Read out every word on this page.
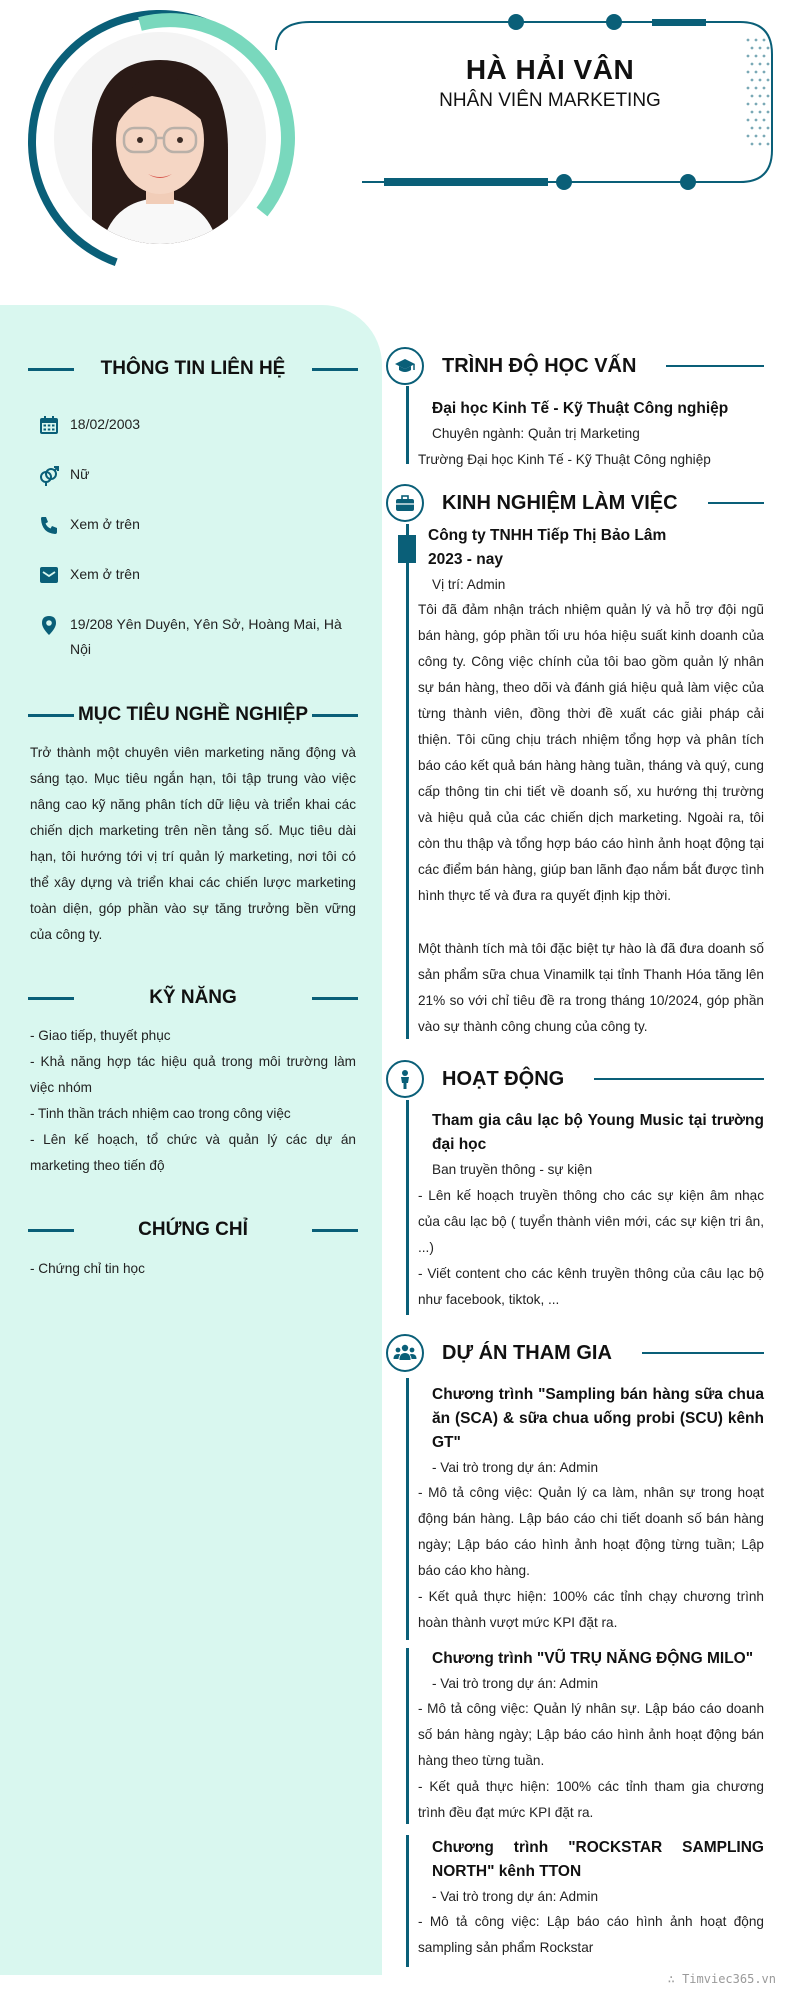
HÀ HẢI VÂN
NHÂN VIÊN MARKETING
THÔNG TIN LIÊN HỆ
18/02/2003
Nữ
Xem ở trên
Xem ở trên
19/208 Yên Duyên, Yên Sở, Hoàng Mai, Hà Nội
MỤC TIÊU NGHỀ NGHIỆP
Trở thành một chuyên viên marketing năng động và sáng tạo. Mục tiêu ngắn hạn, tôi tập trung vào việc nâng cao kỹ năng phân tích dữ liệu và triển khai các chiến dịch marketing trên nền tảng số. Mục tiêu dài hạn, tôi hướng tới vị trí quản lý marketing, nơi tôi có thể xây dựng và triển khai các chiến lược marketing toàn diện, góp phần vào sự tăng trưởng bền vững của công ty.
KỸ NĂNG
- Giao tiếp, thuyết phục
- Khả năng hợp tác hiệu quả trong môi trường làm việc nhóm
- Tinh thần trách nhiệm cao trong công việc
- Lên kế hoạch, tổ chức và quản lý các dự án marketing theo tiến độ
CHỨNG CHỈ
- Chứng chỉ tin học
TRÌNH ĐỘ HỌC VẤN
Đại học Kinh Tế - Kỹ Thuật Công nghiệp
Chuyên ngành: Quản trị Marketing
Trường Đại học Kinh Tế - Kỹ Thuật Công nghiệp
KINH NGHIỆM LÀM VIỆC
Công ty TNHH Tiếp Thị Bảo Lâm
2023 - nay
Vị trí: Admin
Tôi đã đảm nhận trách nhiệm quản lý và hỗ trợ đội ngũ bán hàng, góp phần tối ưu hóa hiệu suất kinh doanh của công ty. Công việc chính của tôi bao gồm quản lý nhân sự bán hàng, theo dõi và đánh giá hiệu quả làm việc của từng thành viên, đồng thời đề xuất các giải pháp cải thiện. Tôi cũng chịu trách nhiệm tổng hợp và phân tích báo cáo kết quả bán hàng hàng tuần, tháng và quý, cung cấp thông tin chi tiết về doanh số, xu hướng thị trường và hiệu quả của các chiến dịch marketing. Ngoài ra, tôi còn thu thập và tổng hợp báo cáo hình ảnh hoạt động tại các điểm bán hàng, giúp ban lãnh đạo nắm bắt được tình hình thực tế và đưa ra quyết định kịp thời.
Một thành tích mà tôi đặc biệt tự hào là đã đưa doanh số sản phẩm sữa chua Vinamilk tại tỉnh Thanh Hóa tăng lên 21% so với chỉ tiêu đề ra trong tháng 10/2024, góp phần vào sự thành công chung của công ty.
HOẠT ĐỘNG
Tham gia câu lạc bộ Young Music tại trường đại học
Ban truyền thông - sự kiện
- Lên kế hoạch truyền thông cho các sự kiện âm nhạc của câu lạc bộ ( tuyển thành viên mới, các sự kiện tri ân, ...)
- Viết content cho các kênh truyền thông của câu lạc bộ như facebook, tiktok, ...
DỰ ÁN THAM GIA
Chương trình "Sampling bán hàng sữa chua ăn (SCA) & sữa chua uống probi (SCU) kênh GT"
- Vai trò trong dự án: Admin
- Mô tả công việc: Quản lý ca làm, nhân sự trong hoạt động bán hàng. Lập báo cáo chi tiết doanh số bán hàng ngày; Lập báo cáo hình ảnh hoạt động từng tuần; Lập báo cáo kho hàng.
- Kết quả thực hiện: 100% các tỉnh chạy chương trình hoàn thành vượt mức KPI đặt ra.
Chương trình "VŨ TRỤ NĂNG ĐỘNG MILO"
- Vai trò trong dự án: Admin
- Mô tả công việc: Quản lý nhân sự. Lập báo cáo doanh số bán hàng ngày; Lập báo cáo hình ảnh hoạt động bán hàng theo từng tuần.
- Kết quả thực hiện: 100% các tỉnh tham gia chương trình đều đạt mức KPI đặt ra.
Chương trình "ROCKSTAR SAMPLING NORTH" kênh TTON
- Vai trò trong dự án: Admin
- Mô tả công việc: Lập báo cáo hình ảnh hoạt động sampling sản phẩm Rockstar
∴ Timviec365.vn
